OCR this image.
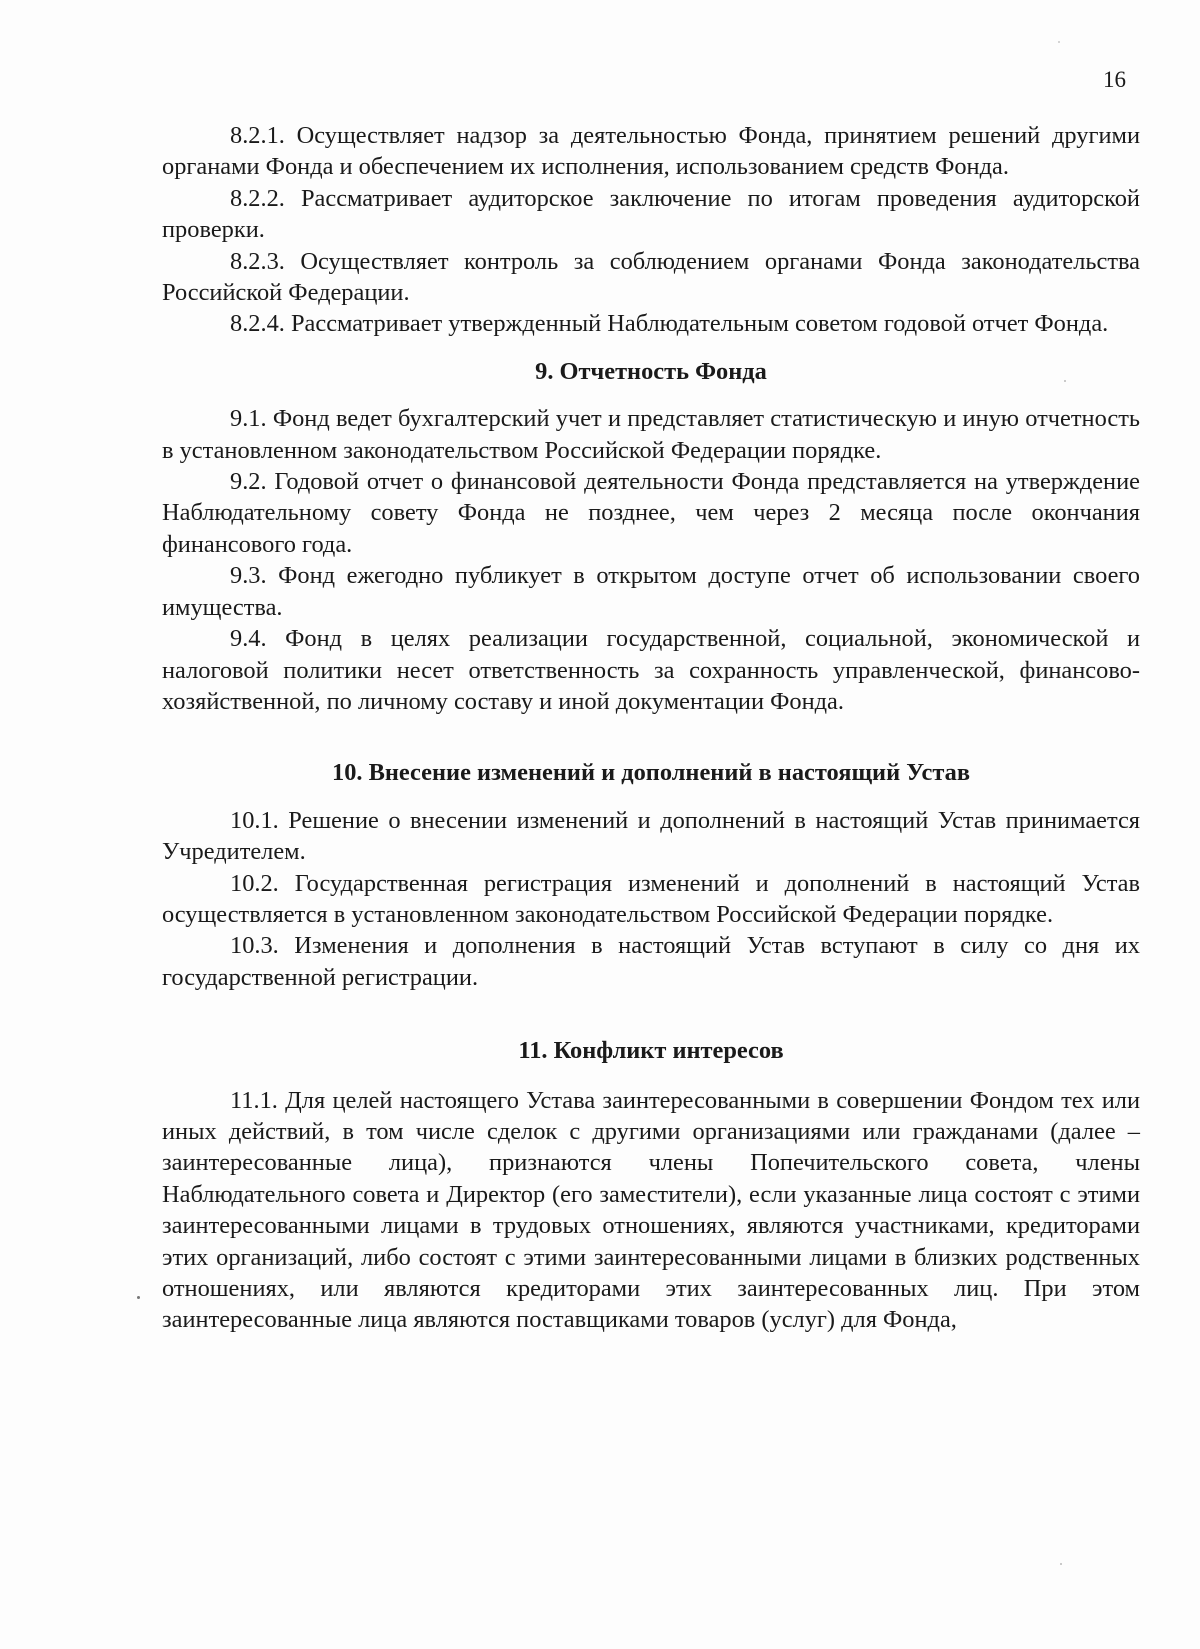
16

8.2.1. Осуществляет надзор за деятельностью Фонда, принятием решений другими органами Фонда и обеспечением их исполнения, использованием средств Фонда.

8.2.2. Рассматривает аудиторское заключение по итогам проведения аудиторской проверки.

8.2.3. Осуществляет контроль за соблюдением органами Фонда законодательства Российской Федерации.

8.2.4. Рассматривает утвержденный Наблюдательным советом годовой отчет Фонда.

9. Отчетность Фонда

9.1. Фонд ведет бухгалтерский учет и представляет статистическую и иную отчетность в установленном законодательством Российской Федерации порядке.

9.2. Годовой отчет о финансовой деятельности Фонда представляется на утверждение Наблюдательному совету Фонда не позднее, чем через 2 месяца после окончания финансового года.

9.3. Фонд ежегодно публикует в открытом доступе отчет об использовании своего имущества.

9.4. Фонд в целях реализации государственной, социальной, экономической и налоговой политики несет ответственность за сохранность управленческой, финансово-хозяйственной, по личному составу и иной документации Фонда.

10. Внесение изменений и дополнений в настоящий Устав

10.1. Решение о внесении изменений и дополнений в настоящий Устав принимается Учредителем.

10.2. Государственная регистрация изменений и дополнений в настоящий Устав осуществляется в установленном законодательством Российской Федерации порядке.

10.3. Изменения и дополнения в настоящий Устав вступают в силу со дня их государственной регистрации.

11. Конфликт интересов

11.1. Для целей настоящего Устава заинтересованными в совершении Фондом тех или иных действий, в том числе сделок с другими организациями или гражданами (далее – заинтересованные лица), признаются члены Попечительского совета, члены Наблюдательного совета и Директор (его заместители), если указанные лица состоят с этими заинтересованными лицами в трудовых отношениях, являются участниками, кредиторами этих организаций, либо состоят с этими заинтересованными лицами в близких родственных отношениях, или являются кредиторами этих заинтересованных лиц. При этом заинтересованные лица являются поставщиками товаров (услуг) для Фонда,
